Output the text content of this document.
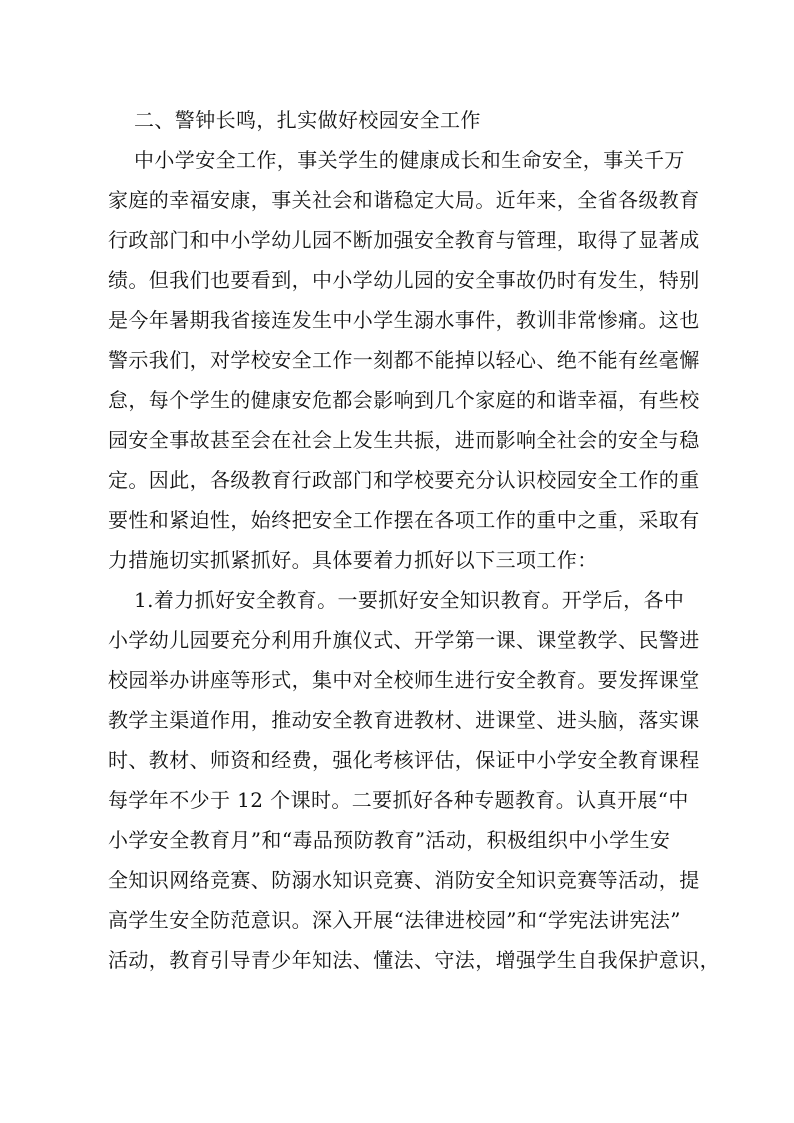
二、警钟长鸣，扎实做好校园安全工作
中小学安全工作，事关学生的健康成长和生命安全，事关千万
家庭的幸福安康，事关社会和谐稳定大局。近年来，全省各级教育
行政部门和中小学幼儿园不断加强安全教育与管理，取得了显著成
绩。但我们也要看到，中小学幼儿园的安全事故仍时有发生，特别
是今年暑期我省接连发生中小学生溺水事件，教训非常惨痛。这也
警示我们，对学校安全工作一刻都不能掉以轻心、绝不能有丝毫懈
怠，每个学生的健康安危都会影响到几个家庭的和谐幸福，有些校
园安全事故甚至会在社会上发生共振，进而影响全社会的安全与稳
定。因此，各级教育行政部门和学校要充分认识校园安全工作的重
要性和紧迫性，始终把安全工作摆在各项工作的重中之重，采取有
力措施切实抓紧抓好。具体要着力抓好以下三项工作：
1.着力抓好安全教育。一要抓好安全知识教育。开学后，各中
小学幼儿园要充分利用升旗仪式、开学第一课、课堂教学、民警进
校园举办讲座等形式，集中对全校师生进行安全教育。要发挥课堂
教学主渠道作用，推动安全教育进教材、进课堂、进头脑，落实课
时、教材、师资和经费，强化考核评估，保证中小学安全教育课程
每学年不少于 12 个课时。二要抓好各种专题教育。认真开展“中
小学安全教育月”和“毒品预防教育”活动，积极组织中小学生安
全知识网络竞赛、防溺水知识竞赛、消防安全知识竞赛等活动，提
高学生安全防范意识。深入开展“法律进校园”和“学宪法讲宪法”
活动，教育引导青少年知法、懂法、守法，增强学生自我保护意识，
